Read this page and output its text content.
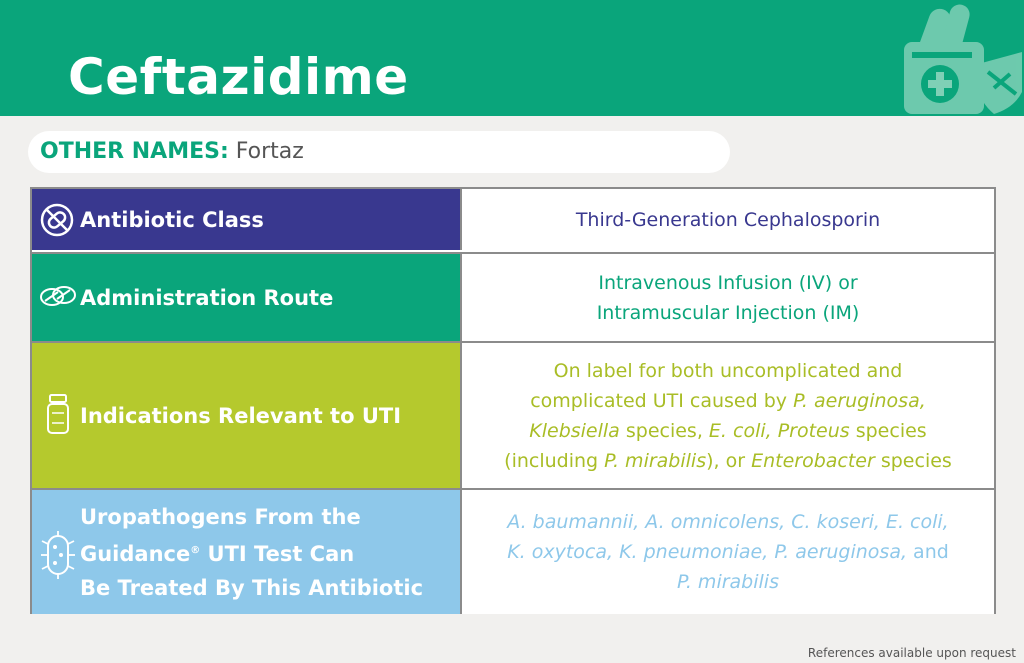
Ceftazidime
OTHER NAMES: Fortaz
Antibiotic Class	Third-Generation Cephalosporin
Administration Route
Intravenous Infusion (IV) or
Intramuscular Injection (IM)
Indications Relevant to UTI
On label for both uncomplicated and
complicated UTI caused by P. aeruginosa,
Klebsiella species, E. coli, Proteus species
(including P. mirabilis), or Enterobacter species
Uropathogens From the
Guidance® UTI Test Can
Be Treated By This Antibiotic
A. baumannii, A. omnicolens, C. koseri, E. coli,
K. oxytoca, K. pneumoniae, P. aeruginosa, and
P. mirabilis
References available upon request
